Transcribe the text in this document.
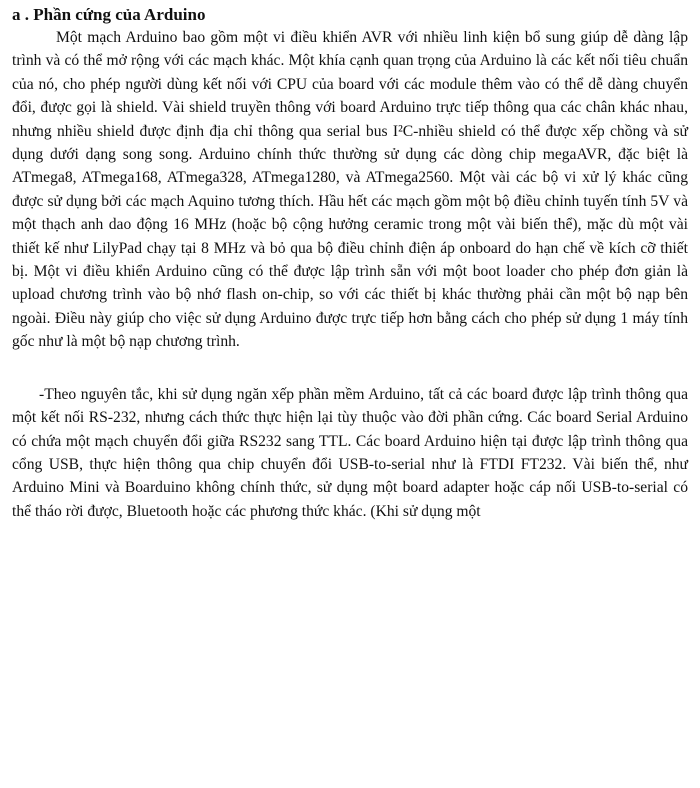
a . Phần cứng của Arduino

Một mạch Arduino bao gồm một vi điều khiển AVR với nhiều linh kiện bổ sung giúp dễ dàng lập trình và có thể mở rộng với các mạch khác. Một khía cạnh quan trọng của Arduino là các kết nối tiêu chuẩn của nó, cho phép người dùng kết nối với CPU của board với các module thêm vào có thể dễ dàng chuyển đổi, được gọi là shield. Vài shield truyền thông với board Arduino trực tiếp thông qua các chân khác nhau, nhưng nhiều shield được định địa chỉ thông qua serial bus I²C-nhiều shield có thể được xếp chồng và sử dụng dưới dạng song song. Arduino chính thức thường sử dụng các dòng chip megaAVR, đặc biệt là ATmega8, ATmega168, ATmega328, ATmega1280, và ATmega2560. Một vài các bộ vi xử lý khác cũng được sử dụng bởi các mạch Aquino tương thích. Hầu hết các mạch gồm một bộ điều chỉnh tuyến tính 5V và một thạch anh dao động 16 MHz (hoặc bộ cộng hưởng ceramic trong một vài biến thể), mặc dù một vài thiết kế như LilyPad chạy tại 8 MHz và bỏ qua bộ điều chỉnh điện áp onboard do hạn chế về kích cỡ thiết bị. Một vi điều khiển Arduino cũng có thể được lập trình sẵn với một boot loader cho phép đơn giản là upload chương trình vào bộ nhớ flash on-chip, so với các thiết bị khác thường phải cần một bộ nạp bên ngoài. Điều này giúp cho việc sử dụng Arduino được trực tiếp hơn bằng cách cho phép sử dụng 1 máy tính gốc như là một bộ nạp chương trình.

-Theo nguyên tắc, khi sử dụng ngăn xếp phần mềm Arduino, tất cả các board được lập trình thông qua một kết nối RS-232, nhưng cách thức thực hiện lại tùy thuộc vào đời phần cứng. Các board Serial Arduino có chứa một mạch chuyển đổi giữa RS232 sang TTL. Các board Arduino hiện tại được lập trình thông qua cổng USB, thực hiện thông qua chip chuyển đổi USB-to-serial như là FTDI FT232. Vài biến thể, như Arduino Mini và Boarduino không chính thức, sử dụng một board adapter hoặc cáp nối USB-to-serial có thể tháo rời được, Bluetooth hoặc các phương thức khác. (Khi sử dụng một
